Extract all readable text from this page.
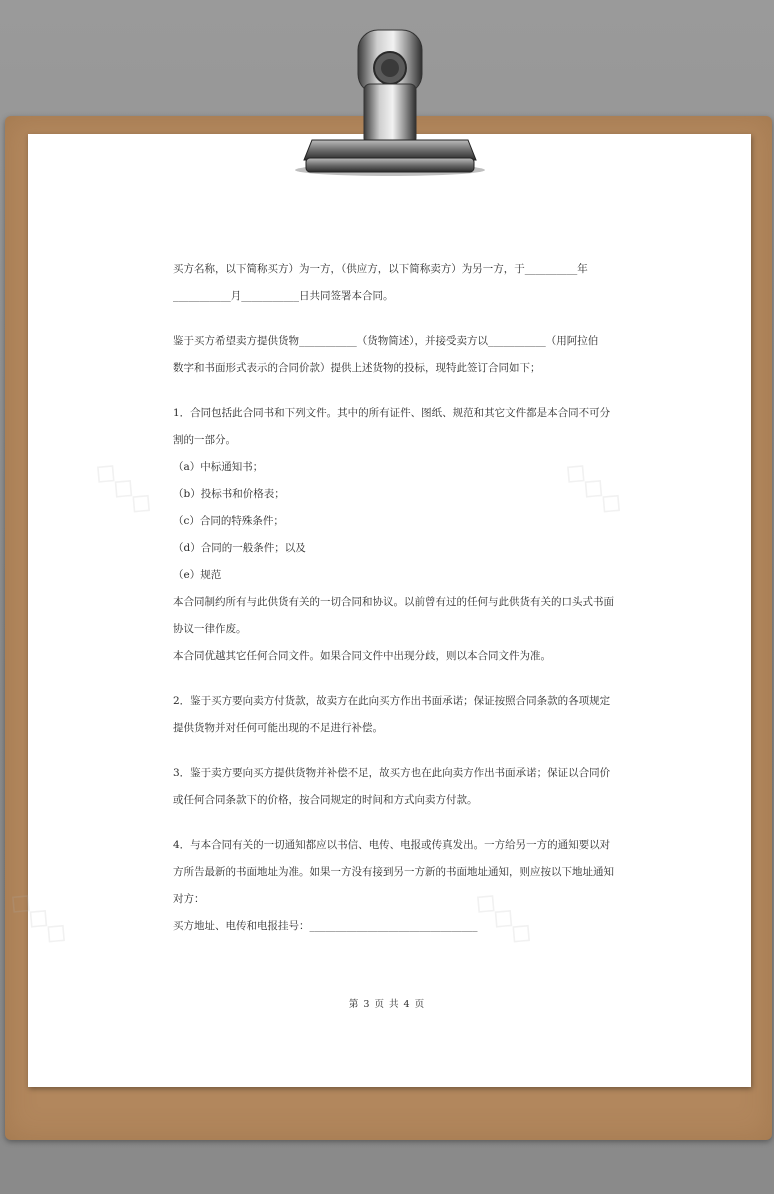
◇◇◇	◇◇◇
◇◇◇	◇◇◇

买方名称，以下简称买方）为一方，（供应方，以下简称卖方）为另一方，于__________年

___________月___________日共同签署本合同。

鉴于买方希望卖方提供货物___________（货物简述），并接受卖方以___________（用阿拉伯

数字和书面形式表示的合同价款）提供上述货物的投标，现特此签订合同如下；

1．合同包括此合同书和下列文件。其中的所有证件、图纸、规范和其它文件都是本合同不可分

割的一部分。

（a）中标通知书；

（b）投标书和价格表；

（c）合同的特殊条件；

（d）合同的一般条件；以及

（e）规范

本合同制约所有与此供货有关的一切合同和协议。以前曾有过的任何与此供货有关的口头式书面

协议一律作废。

本合同优越其它任何合同文件。如果合同文件中出现分歧，则以本合同文件为准。

2．鉴于买方要向卖方付货款，故卖方在此向买方作出书面承诺；保证按照合同条款的各项规定

提供货物并对任何可能出现的不足进行补偿。

3．鉴于卖方要向买方提供货物并补偿不足，故买方也在此向卖方作出书面承诺；保证以合同价

或任何合同条款下的价格，按合同规定的时间和方式向卖方付款。

4．与本合同有关的一切通知都应以书信、电传、电报或传真发出。一方给另一方的通知要以对

方所告最新的书面地址为准。如果一方没有接到另一方新的书面地址通知，则应按以下地址通知

对方：

买方地址、电传和电报挂号：________________________________

第 3 页 共 4 页
